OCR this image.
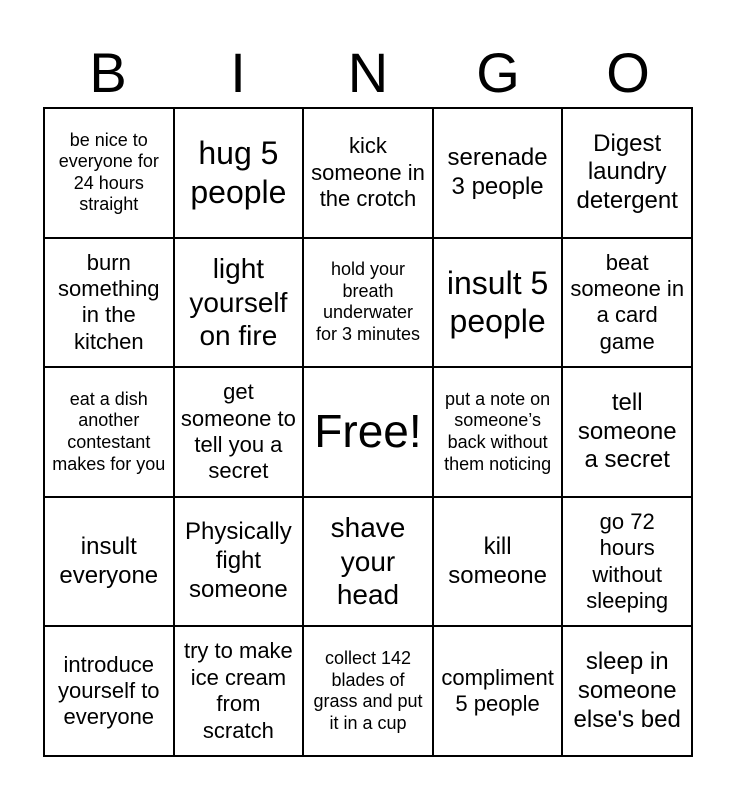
B	I	N	G	O
be nice to everyone for 24 hours straight
hug 5 people
kick someone in the crotch
serenade 3 people
Digest laundry detergent
burn something in the kitchen
light yourself on fire
hold your breath underwater for 3 minutes
insult 5 people
beat someone in a card game
eat a dish another contestant makes for you
get someone to tell you a secret
Free!
put a note on someone’s back without them noticing
tell someone a secret
insult everyone
Physically fight someone
shave your head
kill someone
go 72 hours without sleeping
introduce yourself to everyone
try to make ice cream from scratch
collect 142 blades of grass and put it in a cup
compliment 5 people
sleep in someone else's bed
